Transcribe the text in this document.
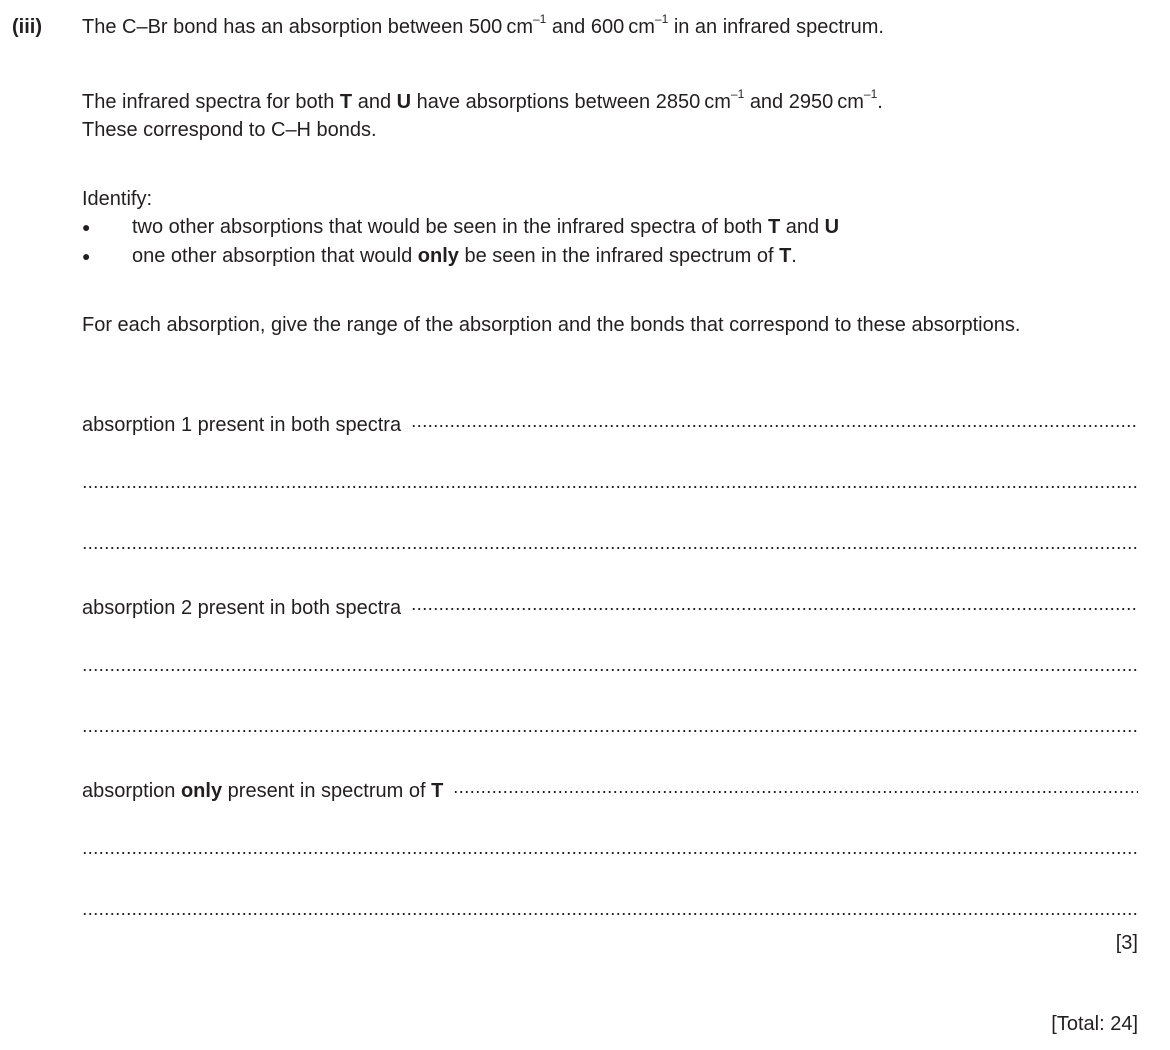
(iii) The C–Br bond has an absorption between 500  $cm^{-1}$ and 600  $cm^{-1}$ in an infrared spectrum.
The infrared spectra for both T and U have absorptions between 2850  $cm^{-1}$ and 2950  $cm^{-1}$.
These correspond to C–H bonds.
Identify:
● two other absorptions that would be seen in the infrared spectra of both T and U
● one other absorption that would only be seen in the infrared spectrum of T.
For each absorption, give the range of the absorption and the bonds that correspond to these absorptions.
absorption 1 present in both spectra
absorption 2 present in both spectra
absorption only present in spectrum of T
[3]
[Total: 24]
